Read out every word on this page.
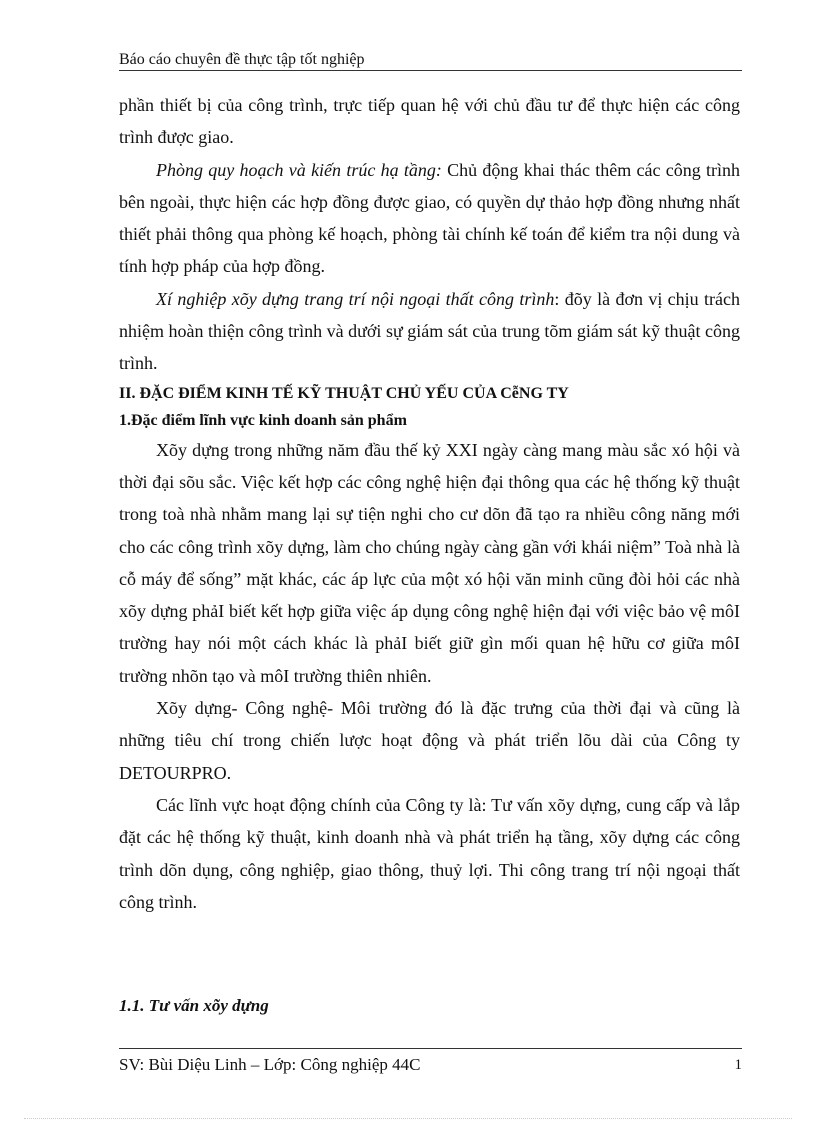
Báo cáo chuyên đề thực tập tốt nghiệp

phần thiết bị của công trình, trực tiếp quan hệ với chủ đầu tư để thực hiện các công trình được giao.

Phòng quy hoạch và kiến trúc hạ tầng: Chủ động khai thác thêm các công trình bên ngoài, thực hiện các hợp đồng được giao, có quyền dự thảo hợp đồng nhưng nhất thiết phải thông qua phòng kế hoạch, phòng tài chính kế toán để kiểm tra nội dung và tính hợp pháp của hợp đồng.

Xí nghiệp xõy dựng trang trí nội ngoại thất công trình: đõy là đơn vị chịu trách nhiệm hoàn thiện công trình và dưới sự giám sát của trung tõm giám sát kỹ thuật công trình.

II. ĐẶC ĐIỂM KINH TẾ KỸ THUẬT CHỦ YẾU CỦA CễNG TY

1.Đặc điểm lĩnh vực kinh doanh sản phẩm

Xõy dựng trong những năm đầu thế kỷ XXI ngày càng mang màu sắc xó hội và thời đại sõu sắc. Việc kết hợp các công nghệ hiện đại thông qua các hệ thống kỹ thuật trong toà nhà nhằm mang lại sự tiện nghi cho cư dõn đã tạo ra nhiều công năng mới cho các công trình xõy dựng, làm cho chúng ngày càng gần với khái niệm” Toà nhà là cỗ máy để sống” mặt khác, các áp lực của một xó hội văn minh cũng đòi hỏi các nhà xõy dựng phảI biết kết hợp giữa việc áp dụng công nghệ hiện đại với việc bảo vệ môI trường hay nói một cách khác là phảI biết giữ gìn mối quan hệ hữu cơ giữa môI trường nhõn tạo và môI trường thiên nhiên.

Xõy dựng- Công nghệ- Môi trường đó là đặc trưng của thời đại và cũng là những tiêu chí trong chiến lược hoạt động và phát triển lõu dài của Công ty DETOURPRO.

Các lĩnh vực hoạt động chính của Công ty là: Tư vấn xõy dựng, cung cấp và lắp đặt các hệ thống kỹ thuật, kinh doanh nhà và phát triển hạ tầng, xõy dựng các công trình dõn dụng, công nghiệp, giao thông, thuỷ lợi. Thi công trang trí nội ngoại thất công trình.

1.1. Tư vấn xõy dựng
SV: Bùi Diệu Linh – Lớp: Công nghiệp 44C	1
